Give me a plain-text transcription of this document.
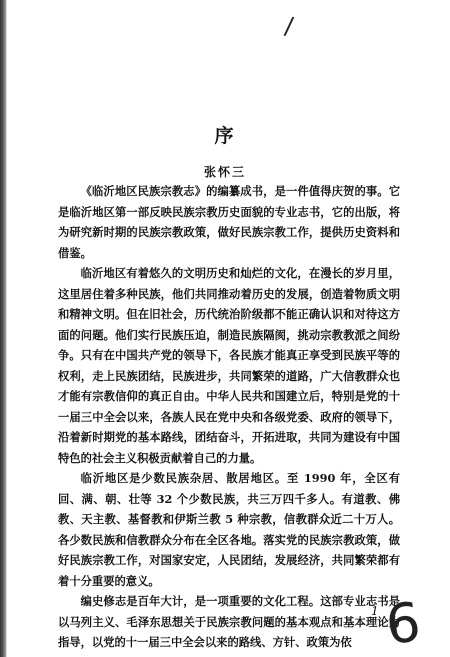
/
序
张怀三

《临沂地区民族宗教志》的编纂成书，是一件值得庆贺的事。它是临沂地区第一部反映民族宗教历史面貌的专业志书，它的出版，将为研究新时期的民族宗教政策，做好民族宗教工作，提供历史资料和借鉴。

临沂地区有着悠久的文明历史和灿烂的文化，在漫长的岁月里，这里居住着多种民族，他们共同推动着历史的发展，创造着物质文明和精神文明。但在旧社会，历代统治阶级都不能正确认识和对待这方面的问题。他们实行民族压迫，制造民族隔阂，挑动宗教教派之间纷争。只有在中国共产党的领导下，各民族才能真正享受到民族平等的权利，走上民族团结，民族进步，共同繁荣的道路，广大信教群众也才能有宗教信仰的真正自由。中华人民共和国建立后，特别是党的十一届三中全会以来，各族人民在党中央和各级党委、政府的领导下，沿着新时期党的基本路线，团结奋斗，开拓进取，共同为建设有中国特色的社会主义积极贡献着自己的力量。

临沂地区是少数民族杂居、散居地区。至 1990 年，全区有回、满、朝、壮等 32 个少数民族，共三万四千多人。有道教、佛教、天主教、基督教和伊斯兰教 5 种宗教，信教群众近二十万人。各少数民族和信教群众分布在全区各地。落实党的民族宗教政策，做好民族宗教工作，对国家安定，人民团结，发展经济，共同繁荣都有着十分重要的意义。

编史修志是百年大计，是一项重要的文化工程。这部专业志书是以马列主义、毛泽东思想关于民族宗教问题的基本观点和基本理论为指导，以党的十一届三中全会以来的路线、方针、政策为依

1 6
